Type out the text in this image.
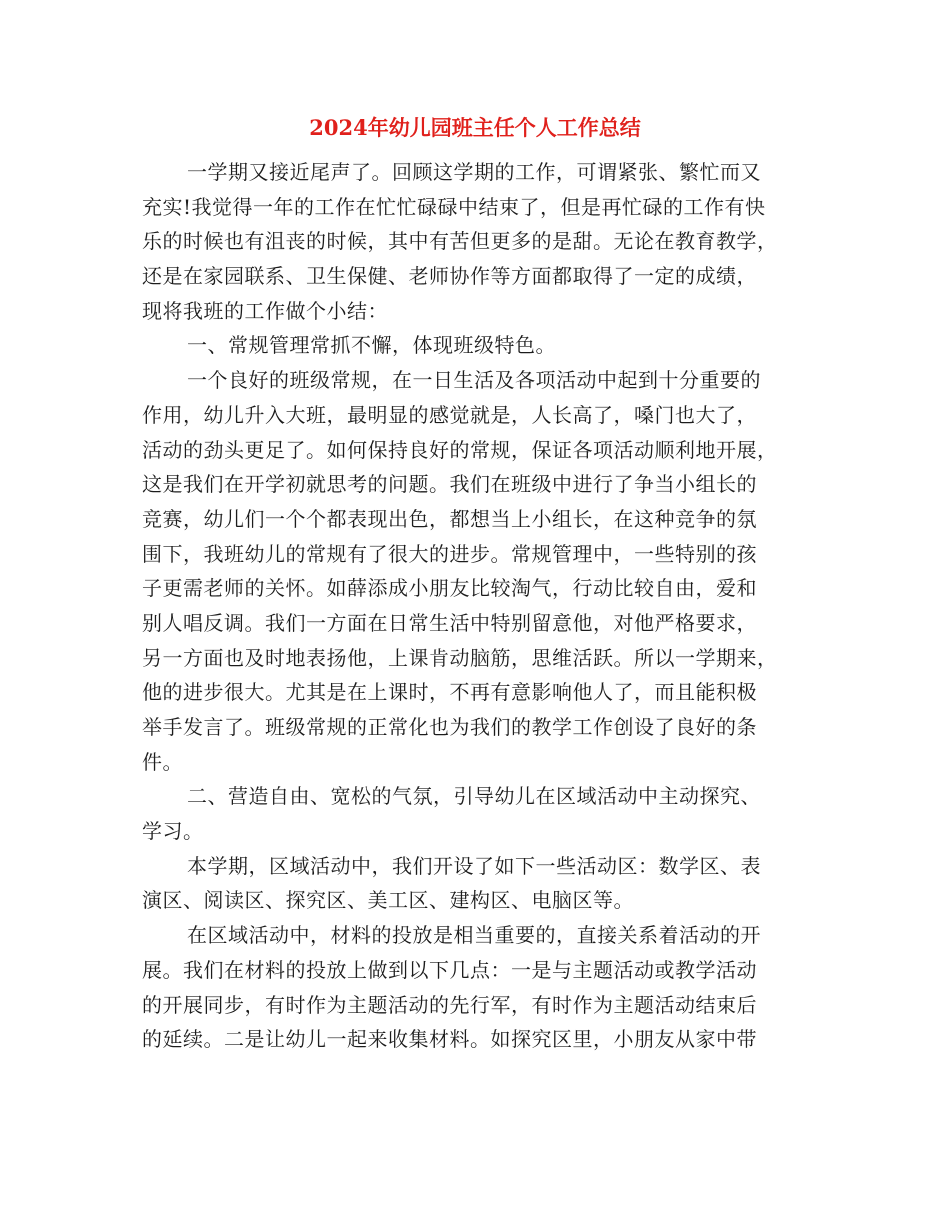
2024年幼儿园班主任个人工作总结
一学期又接近尾声了。回顾这学期的工作，可谓紧张、繁忙而又
充实!我觉得一年的工作在忙忙碌碌中结束了，但是再忙碌的工作有快
乐的时候也有沮丧的时候，其中有苦但更多的是甜。无论在教育教学，
还是在家园联系、卫生保健、老师协作等方面都取得了一定的成绩，
现将我班的工作做个小结：
一、常规管理常抓不懈，体现班级特色。
一个良好的班级常规，在一日生活及各项活动中起到十分重要的
作用，幼儿升入大班，最明显的感觉就是，人长高了，嗓门也大了，
活动的劲头更足了。如何保持良好的常规，保证各项活动顺利地开展，
这是我们在开学初就思考的问题。我们在班级中进行了争当小组长的
竞赛，幼儿们一个个都表现出色，都想当上小组长，在这种竞争的氛
围下，我班幼儿的常规有了很大的进步。常规管理中，一些特别的孩
子更需老师的关怀。如薛添成小朋友比较淘气，行动比较自由，爱和
别人唱反调。我们一方面在日常生活中特别留意他，对他严格要求，
另一方面也及时地表扬他，上课肯动脑筋，思维活跃。所以一学期来，
他的进步很大。尤其是在上课时，不再有意影响他人了，而且能积极
举手发言了。班级常规的正常化也为我们的教学工作创设了良好的条
件。
二、营造自由、宽松的气氛，引导幼儿在区域活动中主动探究、
学习。
本学期，区域活动中，我们开设了如下一些活动区：数学区、表
演区、阅读区、探究区、美工区、建构区、电脑区等。
在区域活动中，材料的投放是相当重要的，直接关系着活动的开
展。我们在材料的投放上做到以下几点：一是与主题活动或教学活动
的开展同步，有时作为主题活动的先行军，有时作为主题活动结束后
的延续。二是让幼儿一起来收集材料。如探究区里，小朋友从家中带
